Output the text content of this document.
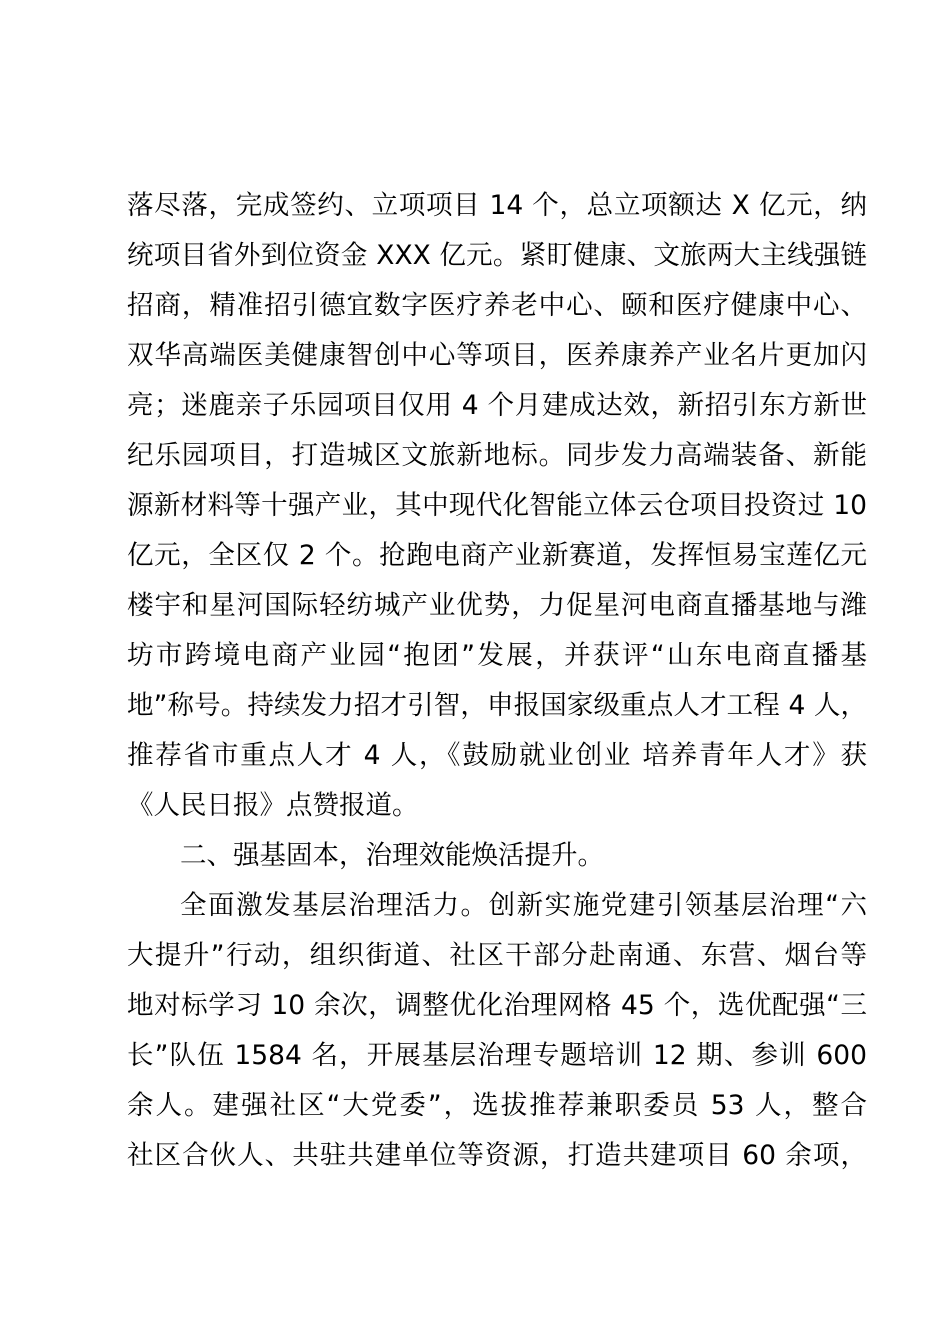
落尽落，完成签约、立项项目 14 个，总立项额达 X 亿元，纳
统项目省外到位资金 XXX 亿元。紧盯健康、文旅两大主线强链
招商，精准招引德宜数字医疗养老中心、颐和医疗健康中心、
双华高端医美健康智创中心等项目，医养康养产业名片更加闪
亮；迷鹿亲子乐园项目仅用 4 个月建成达效，新招引东方新世
纪乐园项目，打造城区文旅新地标。同步发力高端装备、新能
源新材料等十强产业，其中现代化智能立体云仓项目投资过 10
亿元，全区仅 2 个。抢跑电商产业新赛道，发挥恒易宝莲亿元
楼宇和星河国际轻纺城产业优势，力促星河电商直播基地与潍
坊市跨境电商产业园“抱团”发展，并获评“山东电商直播基
地”称号。持续发力招才引智，申报国家级重点人才工程 4 人，
推荐省市重点人才 4 人，《鼓励就业创业 培养青年人才》获
《人民日报》点赞报道。
二、强基固本，治理效能焕活提升。
全面激发基层治理活力。创新实施党建引领基层治理“六
大提升”行动，组织街道、社区干部分赴南通、东营、烟台等
地对标学习 10 余次，调整优化治理网格 45 个，选优配强“三
长”队伍 1584 名，开展基层治理专题培训 12 期、参训 600
余人。建强社区“大党委”，选拔推荐兼职委员 53 人，整合
社区合伙人、共驻共建单位等资源，打造共建项目 60 余项，
